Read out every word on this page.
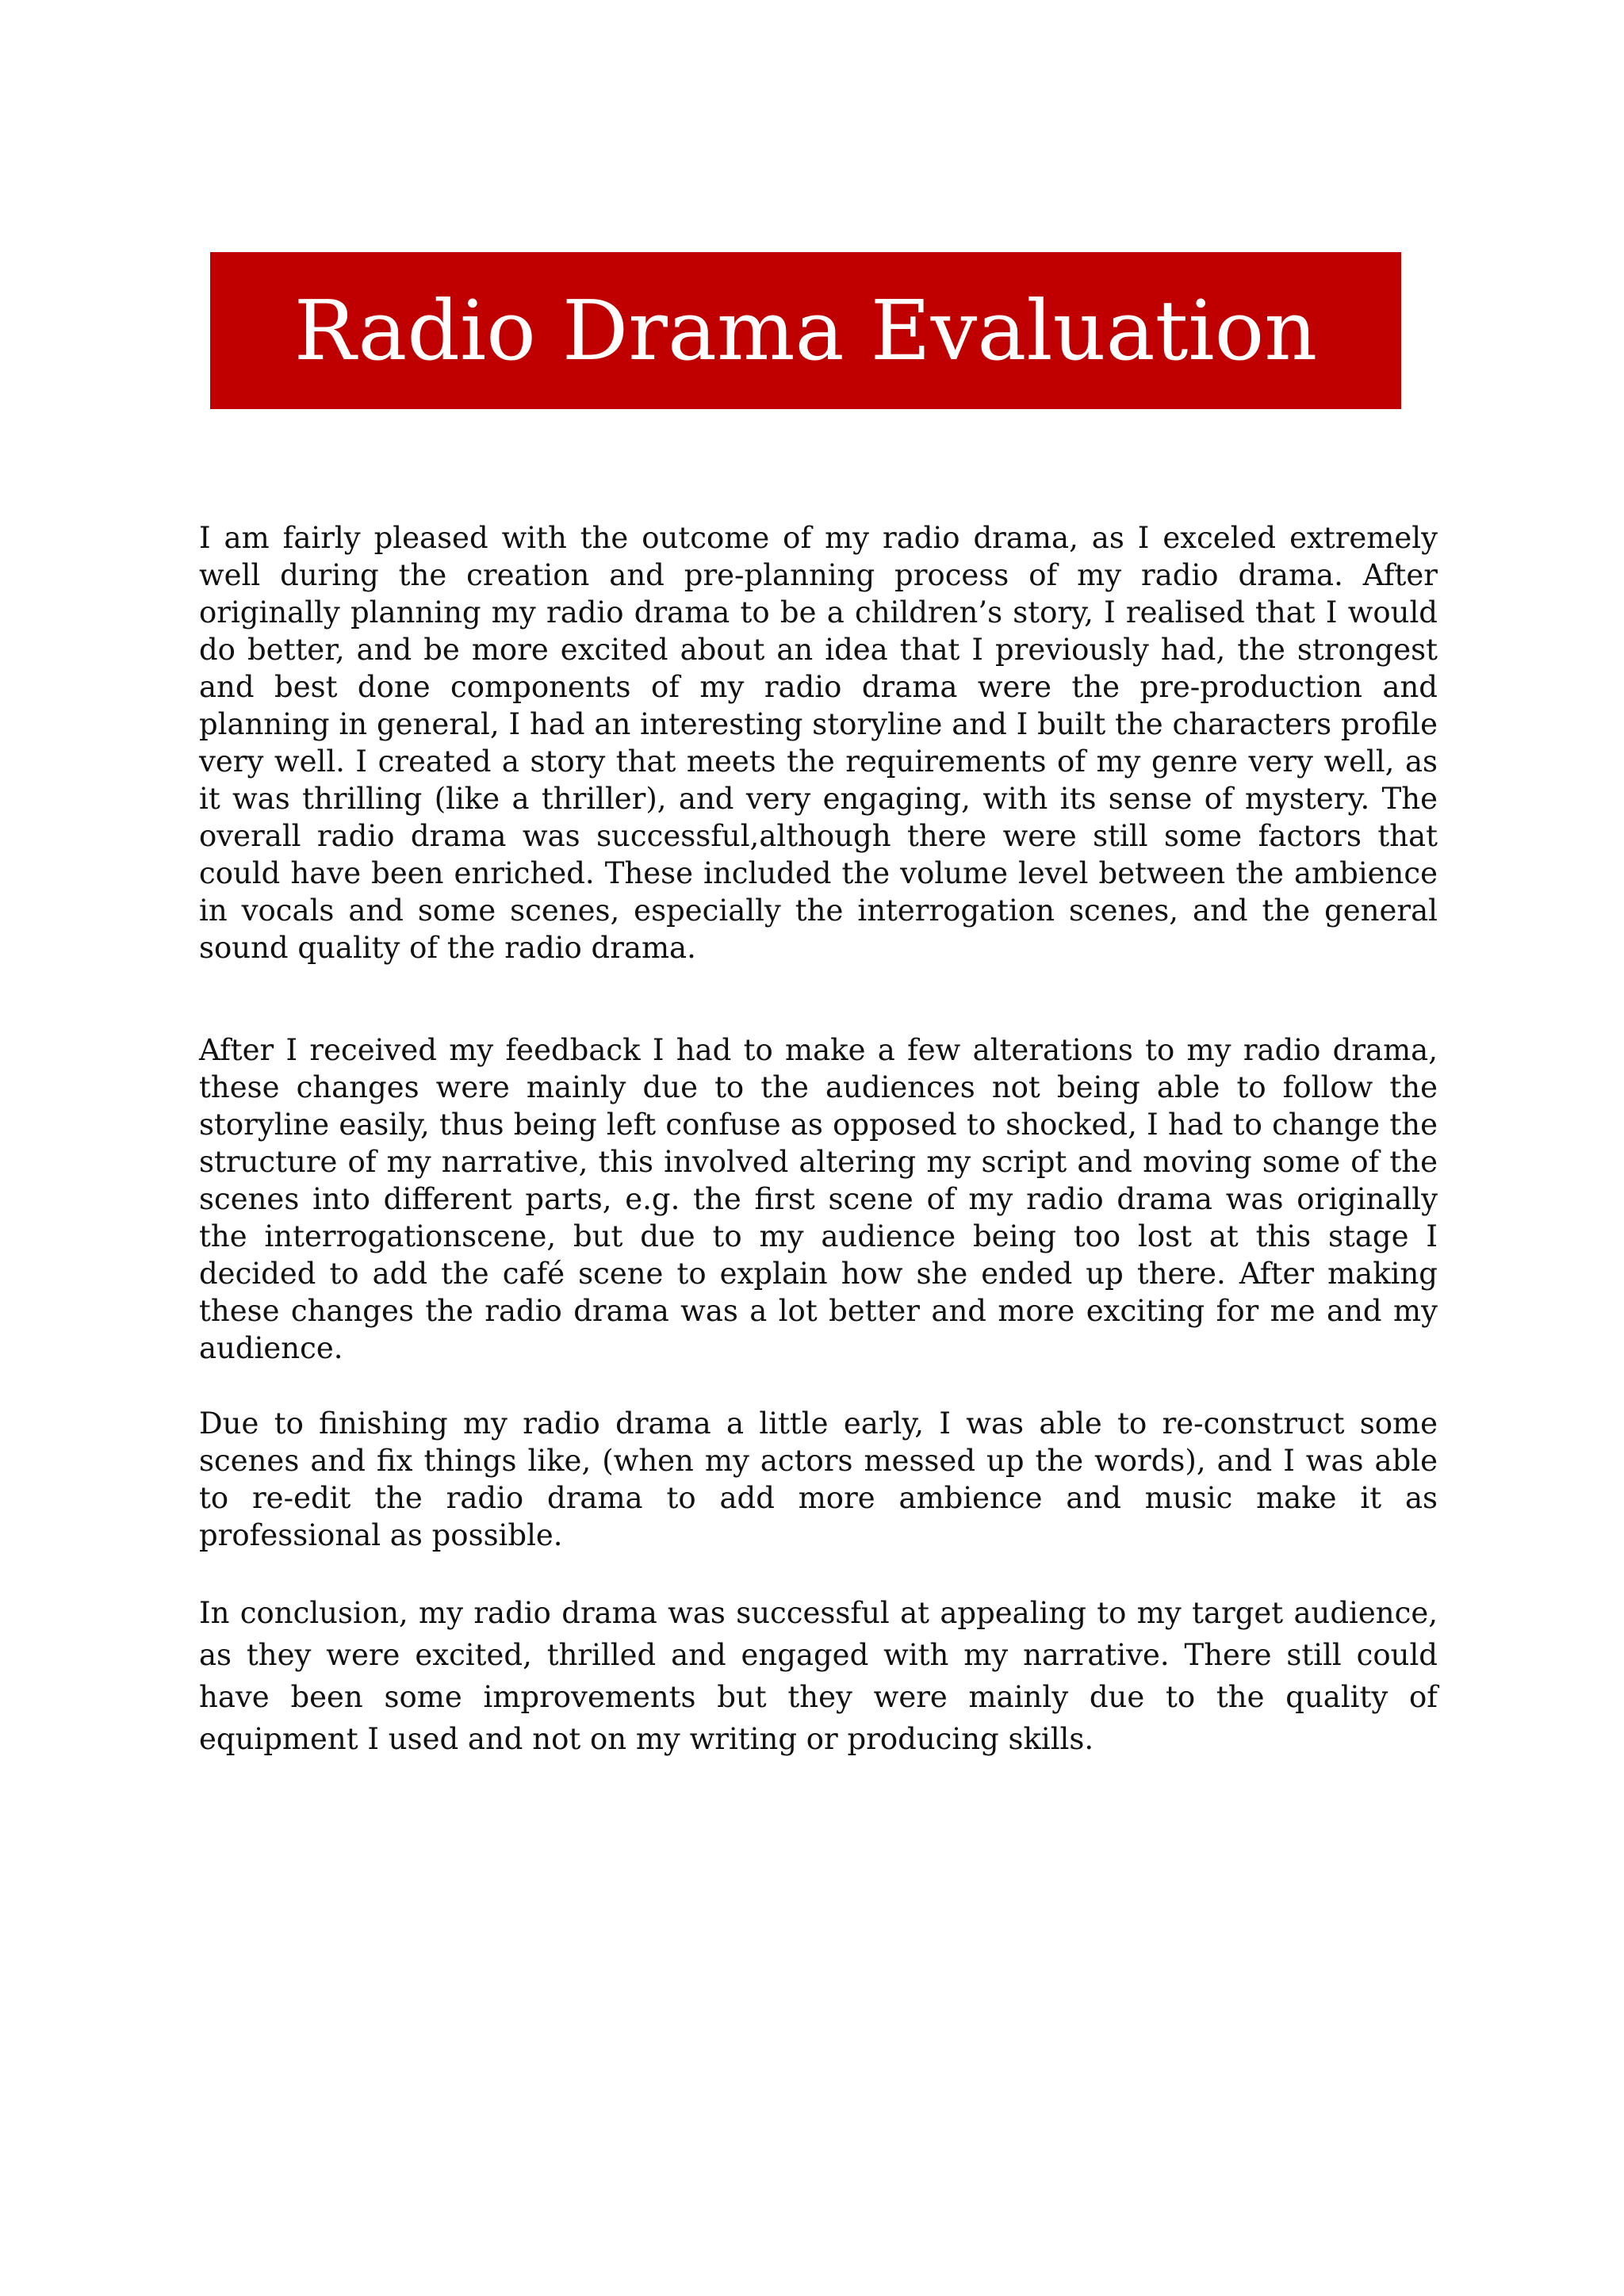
Radio Drama Evaluation

I am fairly pleased with the outcome of my radio drama, as I exceled extremely well during the creation and pre-planning process of my radio drama. After originally planning my radio drama to be a children’s story, I realised that I would do better, and be more excited about an idea that I previously had, the strongest and best done components of my radio drama were the pre-production and planning in general, I had an interesting storyline and I built the characters profile very well. I created a story that meets the requirements of my genre very well, as it was thrilling (like a thriller), and very engaging, with its sense of mystery. The overall radio drama was successful,although there were still some factors that could have been enriched. These included the volume level between the ambience in vocals and some scenes, especially the interrogation scenes, and the general sound quality of the radio drama.

After I received my feedback I had to make a few alterations to my radio drama, these changes were mainly due to the audiences not being able to follow the storyline easily, thus being left confuse as opposed to shocked, I had to change the structure of my narrative, this involved altering my script and moving some of the scenes into different parts, e.g. the first scene of my radio drama was originally the interrogationscene, but due to my audience being too lost at this stage I decided to add the café scene to explain how she ended up there. After making these changes the radio drama was a lot better and more exciting for me and my audience.

Due to finishing my radio drama a little early, I was able to re-construct some scenes and fix things like, (when my actors messed up the words), and I was able to re-edit the radio drama to add more ambience and music make it as professional as possible.

In conclusion, my radio drama was successful at appealing to my target audience, as they were excited, thrilled and engaged with my narrative. There still could have been some improvements but they were mainly due to the quality of equipment I used and not on my writing or producing skills.
